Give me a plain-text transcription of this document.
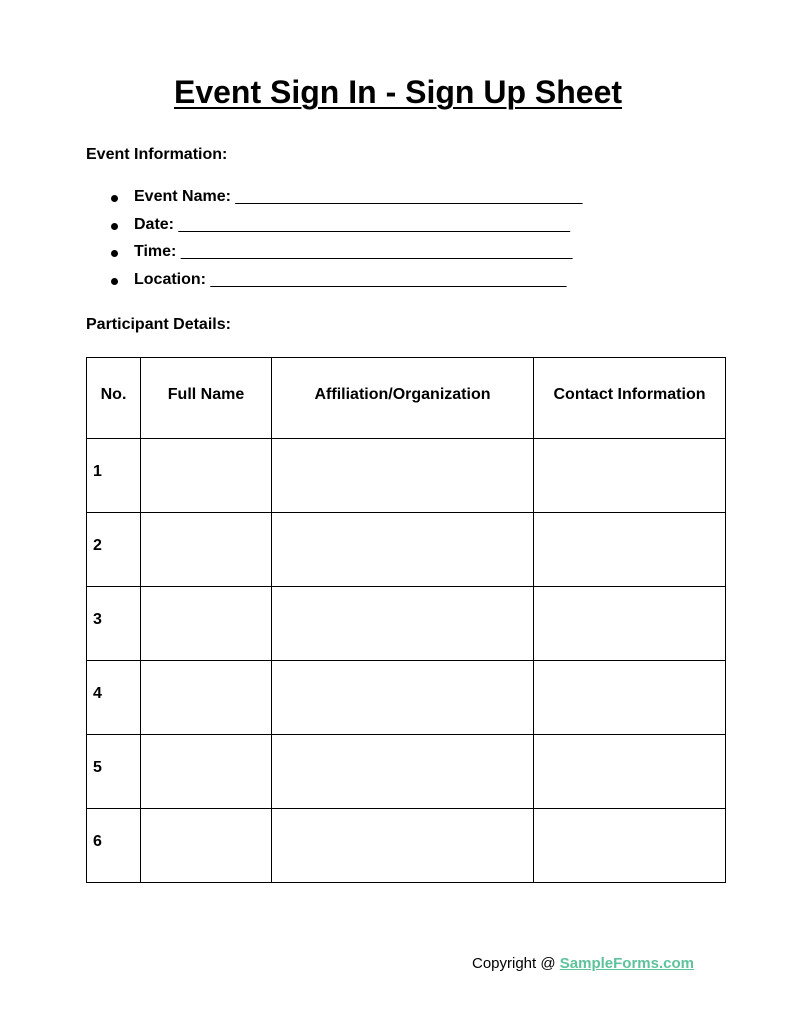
Event Sign In - Sign Up Sheet
Event Information:
Event Name: _______________________________________
Date: ____________________________________________
Time: ____________________________________________
Location: ________________________________________
Participant Details:
No.	Full Name	Affiliation/Organization	Contact Information
1			
2			
3			
4			
5			
6			
Copyright @ SampleForms.com
